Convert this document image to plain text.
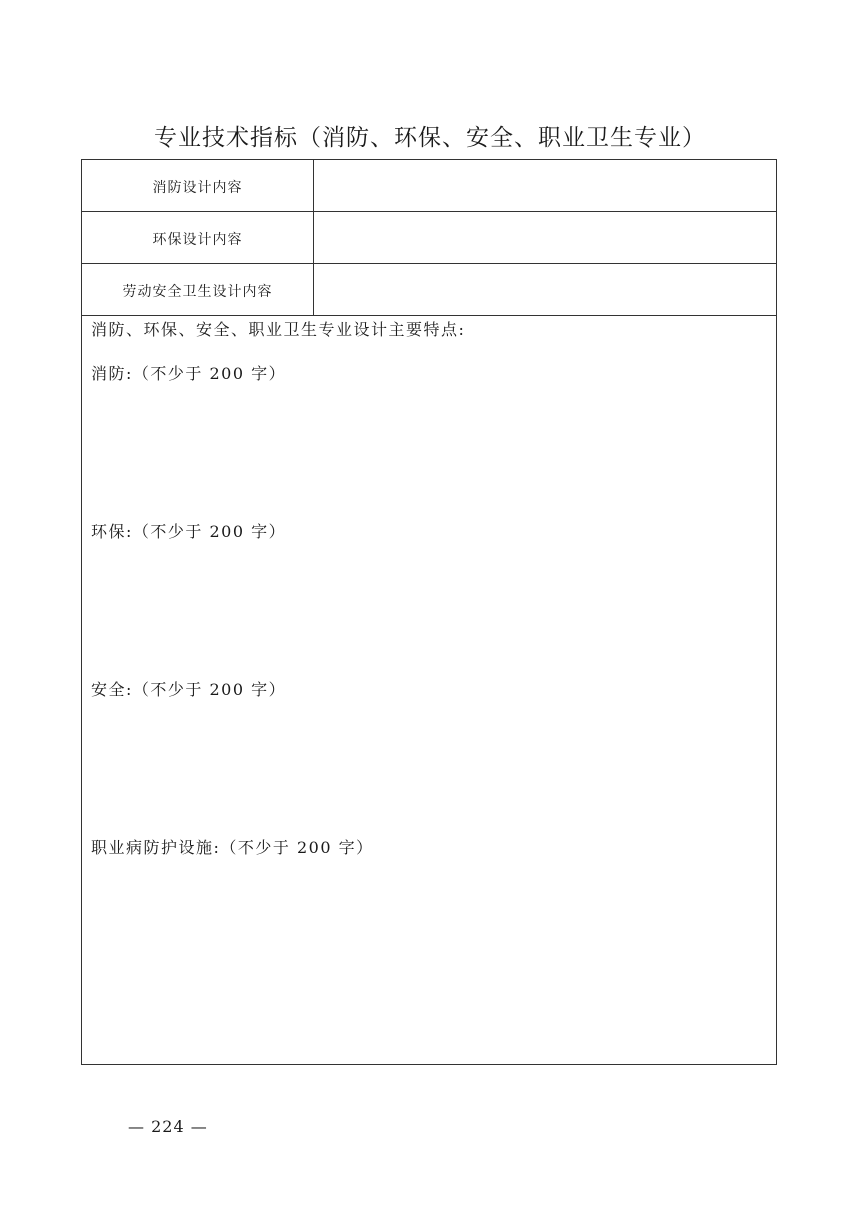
专业技术指标（消防、环保、安全、职业卫生专业）
消防设计内容
环保设计内容
劳动安全卫生设计内容
消防、环保、安全、职业卫生专业设计主要特点:
消防:（不少于 200 字）
环保:（不少于 200 字）
安全:（不少于 200 字）
职业病防护设施:（不少于 200 字）
— 224 —
